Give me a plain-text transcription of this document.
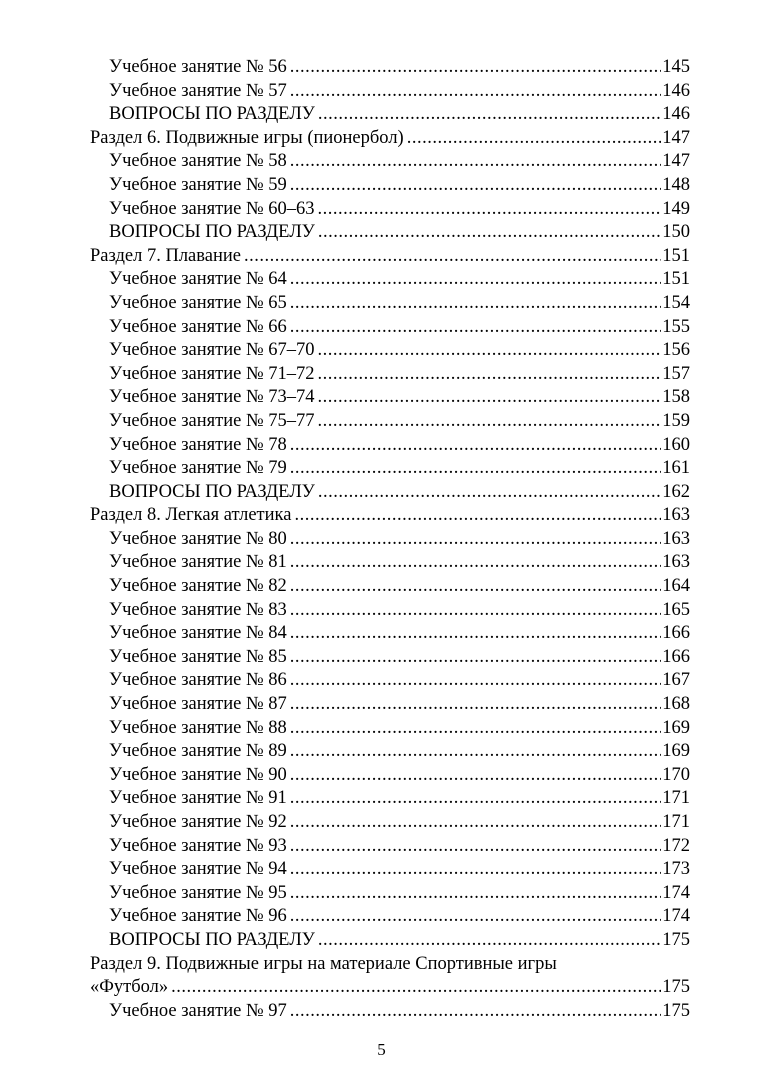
Учебное занятие № 56 .....	145
Учебное занятие № 57 .....	146
ВОПРОСЫ ПО РАЗДЕЛУ .....	146
Раздел 6. Подвижные игры (пионербол) .....	147
Учебное занятие № 58 .....	147
Учебное занятие № 59 .....	148
Учебное занятие № 60–63 .....	149
ВОПРОСЫ ПО РАЗДЕЛУ .....	150
Раздел 7. Плавание .....	151
Учебное занятие № 64 .....	151
Учебное занятие № 65 .....	154
Учебное занятие № 66 .....	155
Учебное занятие № 67–70 .....	156
Учебное занятие № 71–72 .....	157
Учебное занятие № 73–74 .....	158
Учебное занятие № 75–77 .....	159
Учебное занятие № 78 .....	160
Учебное занятие № 79 .....	161
ВОПРОСЫ ПО РАЗДЕЛУ .....	162
Раздел 8. Легкая атлетика .....	163
Учебное занятие № 80 .....	163
Учебное занятие № 81 .....	163
Учебное занятие № 82 .....	164
Учебное занятие № 83 .....	165
Учебное занятие № 84 .....	166
Учебное занятие № 85 .....	166
Учебное занятие № 86 .....	167
Учебное занятие № 87 .....	168
Учебное занятие № 88 .....	169
Учебное занятие № 89 .....	169
Учебное занятие № 90 .....	170
Учебное занятие № 91 .....	171
Учебное занятие № 92 .....	171
Учебное занятие № 93 .....	172
Учебное занятие № 94 .....	173
Учебное занятие № 95 .....	174
Учебное занятие № 96 .....	174
ВОПРОСЫ ПО РАЗДЕЛУ .....	175
Раздел 9. Подвижные игры на материале Спортивные игры
«Футбол» .....	175
Учебное занятие № 97 .....	175
5
